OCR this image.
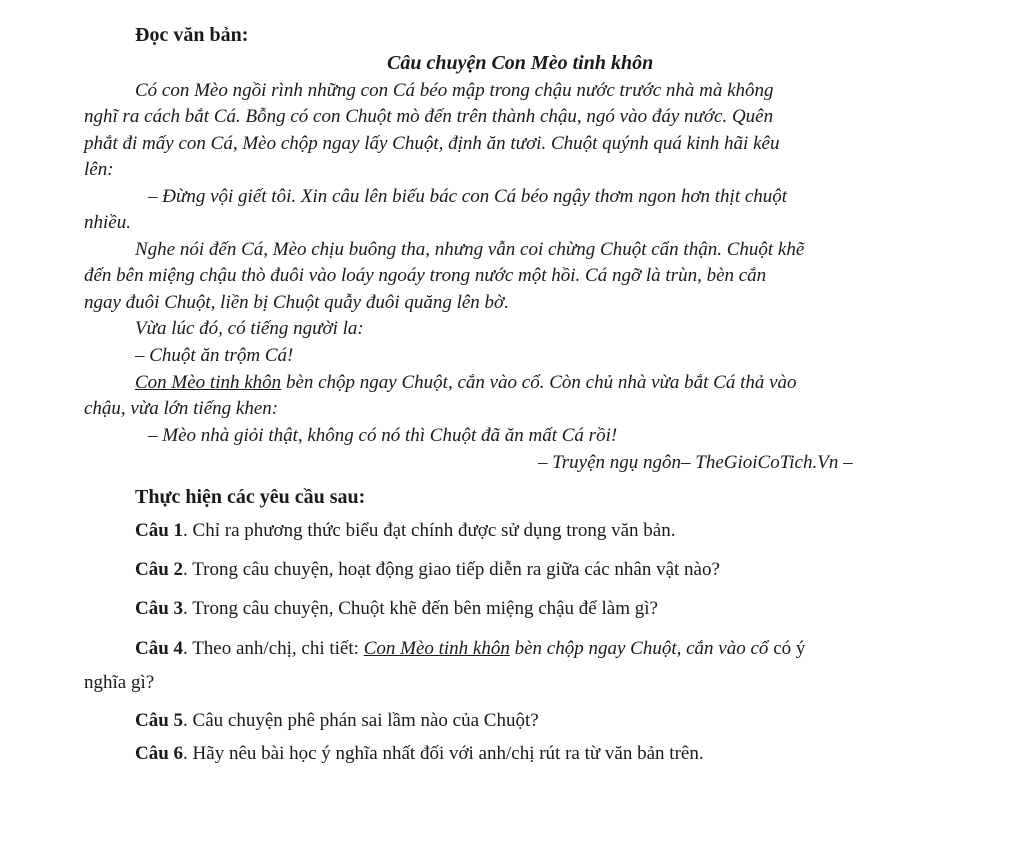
Đọc văn bản:
Câu chuyện Con Mèo tinh khôn
Có con Mèo ngồi rình những con Cá béo mập trong chậu nước trước nhà mà không
nghĩ ra cách bắt Cá. Bỗng có con Chuột mò đến trên thành chậu, ngó vào đáy nước. Quên
phắt đi mấy con Cá, Mèo chộp ngay lấy Chuột, định ăn tươi. Chuột quýnh quá kinh hãi kêu
lên:
– Đừng vội giết tôi. Xin câu lên biếu bác con Cá béo ngậy thơm ngon hơn thịt chuột
nhiều.
Nghe nói đến Cá, Mèo chịu buông tha, nhưng vẫn coi chừng Chuột cẩn thận. Chuột khẽ
đến bên miệng chậu thò đuôi vào loáy ngoáy trong nước một hồi. Cá ngỡ là trùn, bèn cắn
ngay đuôi Chuột, liền bị Chuột quẫy đuôi quăng lên bờ.
Vừa lúc đó, có tiếng người la:
– Chuột ăn trộm Cá!
Con Mèo tinh khôn bèn chộp ngay Chuột, cắn vào cổ. Còn chủ nhà vừa bắt Cá thả vào
chậu, vừa lớn tiếng khen:
– Mèo nhà giỏi thật, không có nó thì Chuột đã ăn mất Cá rồi!
– Truyện ngụ ngôn– TheGioiCoTich.Vn –
Thực hiện các yêu cầu sau:
Câu 1. Chỉ ra phương thức biểu đạt chính được sử dụng trong văn bản.
Câu 2. Trong câu chuyện, hoạt động giao tiếp diễn ra giữa các nhân vật nào?
Câu 3. Trong câu chuyện, Chuột khẽ đến bên miệng chậu để làm gì?
Câu 4. Theo anh/chị, chi tiết: Con Mèo tinh khôn bèn chộp ngay Chuột, cắn vào cổ có ý
nghĩa gì?
Câu 5. Câu chuyện phê phán sai lầm nào của Chuột?
Câu 6. Hãy nêu bài học ý nghĩa nhất đối với anh/chị rút ra từ văn bản trên.
